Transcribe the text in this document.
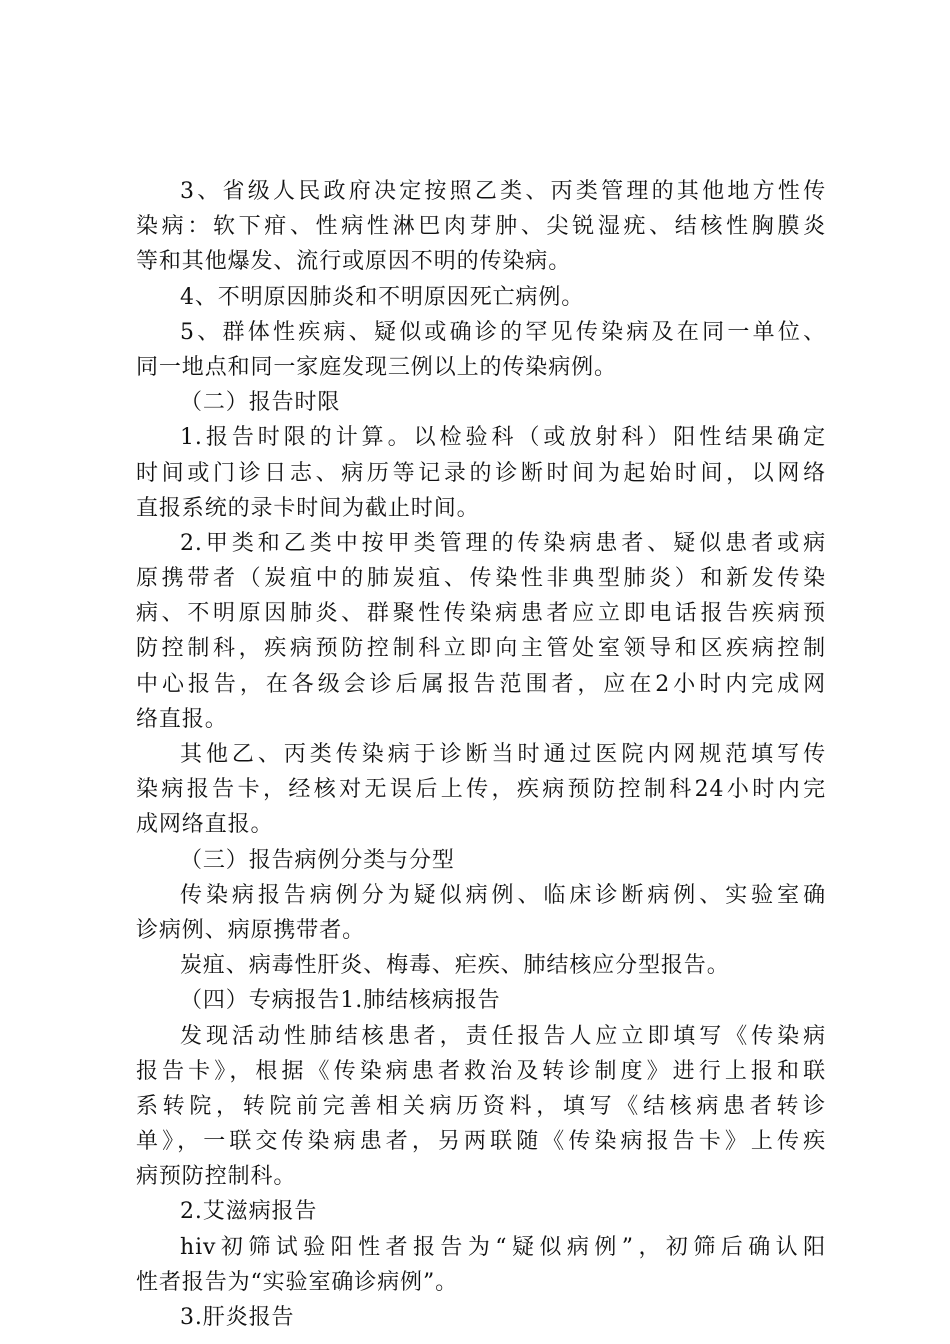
3、省级人民政府决定按照乙类、丙类管理的其他地方性传
染病：软下疳、性病性淋巴肉芽肿、尖锐湿疣、结核性胸膜炎
等和其他爆发、流行或原因不明的传染病。
4、不明原因肺炎和不明原因死亡病例。
5、群体性疾病、疑似或确诊的罕见传染病及在同一单位、
同一地点和同一家庭发现三例以上的传染病例。
（二）报告时限
1.报告时限的计算。以检验科（或放射科）阳性结果确定
时间或门诊日志、病历等记录的诊断时间为起始时间，以网络
直报系统的录卡时间为截止时间。
2.甲类和乙类中按甲类管理的传染病患者、疑似患者或病
原携带者（炭疽中的肺炭疽、传染性非典型肺炎）和新发传染
病、不明原因肺炎、群聚性传染病患者应立即电话报告疾病预
防控制科，疾病预防控制科立即向主管处室领导和区疾病控制
中心报告，在各级会诊后属报告范围者，应在2小时内完成网
络直报。
其他乙、丙类传染病于诊断当时通过医院内网规范填写传
染病报告卡，经核对无误后上传，疾病预防控制科24小时内完
成网络直报。
（三）报告病例分类与分型
传染病报告病例分为疑似病例、临床诊断病例、实验室确
诊病例、病原携带者。
炭疽、病毒性肝炎、梅毒、疟疾、肺结核应分型报告。
（四）专病报告1.肺结核病报告
发现活动性肺结核患者，责任报告人应立即填写《传染病
报告卡》，根据《传染病患者救治及转诊制度》进行上报和联
系转院，转院前完善相关病历资料，填写《结核病患者转诊
单》，一联交传染病患者，另两联随《传染病报告卡》上传疾
病预防控制科。
2.艾滋病报告
hiv初筛试验阳性者报告为“疑似病例”，初筛后确认阳
性者报告为“实验室确诊病例”。
3.肝炎报告
